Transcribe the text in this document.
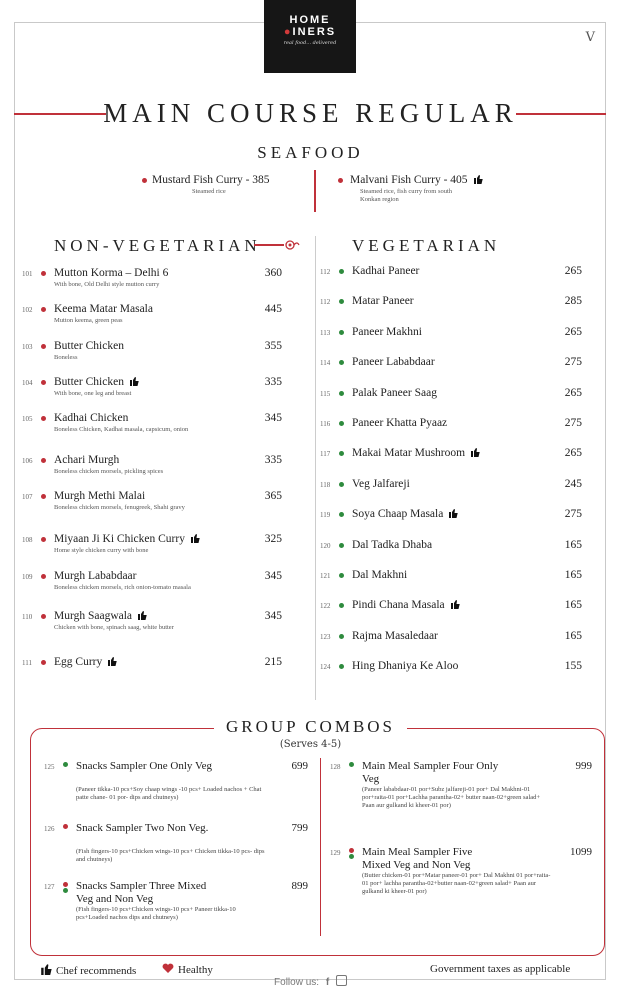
HOME
●INERS
real food... delivered	V
MAIN COURSE REGULAR
SEAFOOD
Mustard Fish Curry - 385
Steamed rice
Malvani Fish Curry - 405
Steamed rice, fish curry from south Konkan region
NON-VEGETARIAN	VEGETARIAN
101	Mutton Korma – Delhi 6
With bone, Old Delhi style mutton curry
360
102	Keema Matar Masala
Mutton keema, green peas
445
103	Butter Chicken
Boneless
355
104	Butter Chicken
With bone, one leg and breast
335
105	Kadhai Chicken
Boneless Chicken, Kadhai masala, capsicum, onion
345
106	Achari Murgh
Boneless chicken morsels, pickling spices
335
107	Murgh Methi Malai
Boneless chicken morsels, fenugreek, Shahi gravy
365
108	Miyaan Ji Ki Chicken Curry
Home style chicken curry with bone
325
109	Murgh Lababdaar
Boneless chicken morsels, rich onion-tomato masala
345
110	Murgh Saagwala
Chicken with bone, spinach saag, white butter
345
111	Egg Curry	215
112	Kadhai Paneer	265
112	Matar Paneer	285
113	Paneer Makhni	265
114	Paneer Lababdaar	275
115	Palak Paneer Saag	265
116	Paneer Khatta Pyaaz	275
117	Makai Matar Mushroom	265
118	Veg Jalfareji	245
119	Soya Chaap Masala	275
120	Dal Tadka Dhaba	165
121	Dal Makhni	165
122	Pindi Chana Masala	165
123	Rajma Masaledaar	165
124	Hing Dhaniya Ke Aloo	155
GROUP COMBOS
(Serves 4-5)
125 Snacks Sampler One Only Veg
(Paneer tikka-10 pcs+Soy chaap wings -10 pcs+ Loaded nachos + Chat patte chane- 01 por- dips and chutneys)
699
126 Snack Sampler Two Non Veg.
(Fish fingers-10 pcs+Chicken wings-10 pcs+ Chicken tikka-10 pcs- dips and chutneys)
799
127 Snacks Sampler Three Mixed Veg and Non Veg
(Fish fingers-10 pcs+Chicken wings-10 pcs+ Paneer tikka-10 pcs+Loaded nachos dips and chutneys)
899
128 Main Meal Sampler Four Only Veg
(Paneer lababdaar-01 por+Subz jalfareji-01 por+ Dal Makhni-01 por+raita-01 por+Lachha parantha-02+ butter naan-02+green salad+ Paan aur gulkand ki kheer-01 por)
999
129 Main Meal Sampler Five Mixed Veg and Non Veg
(Butter chicken-01 por+Matar paneer-01 por+ Dal Makhni 01 por+raita-01 por+ lachha parantha-02+butter naan-02+green salad+ Paan aur gulkand ki kheer-01 por)
1099
Chef recommends	Healthy
Follow us: f
Government taxes as applicable
